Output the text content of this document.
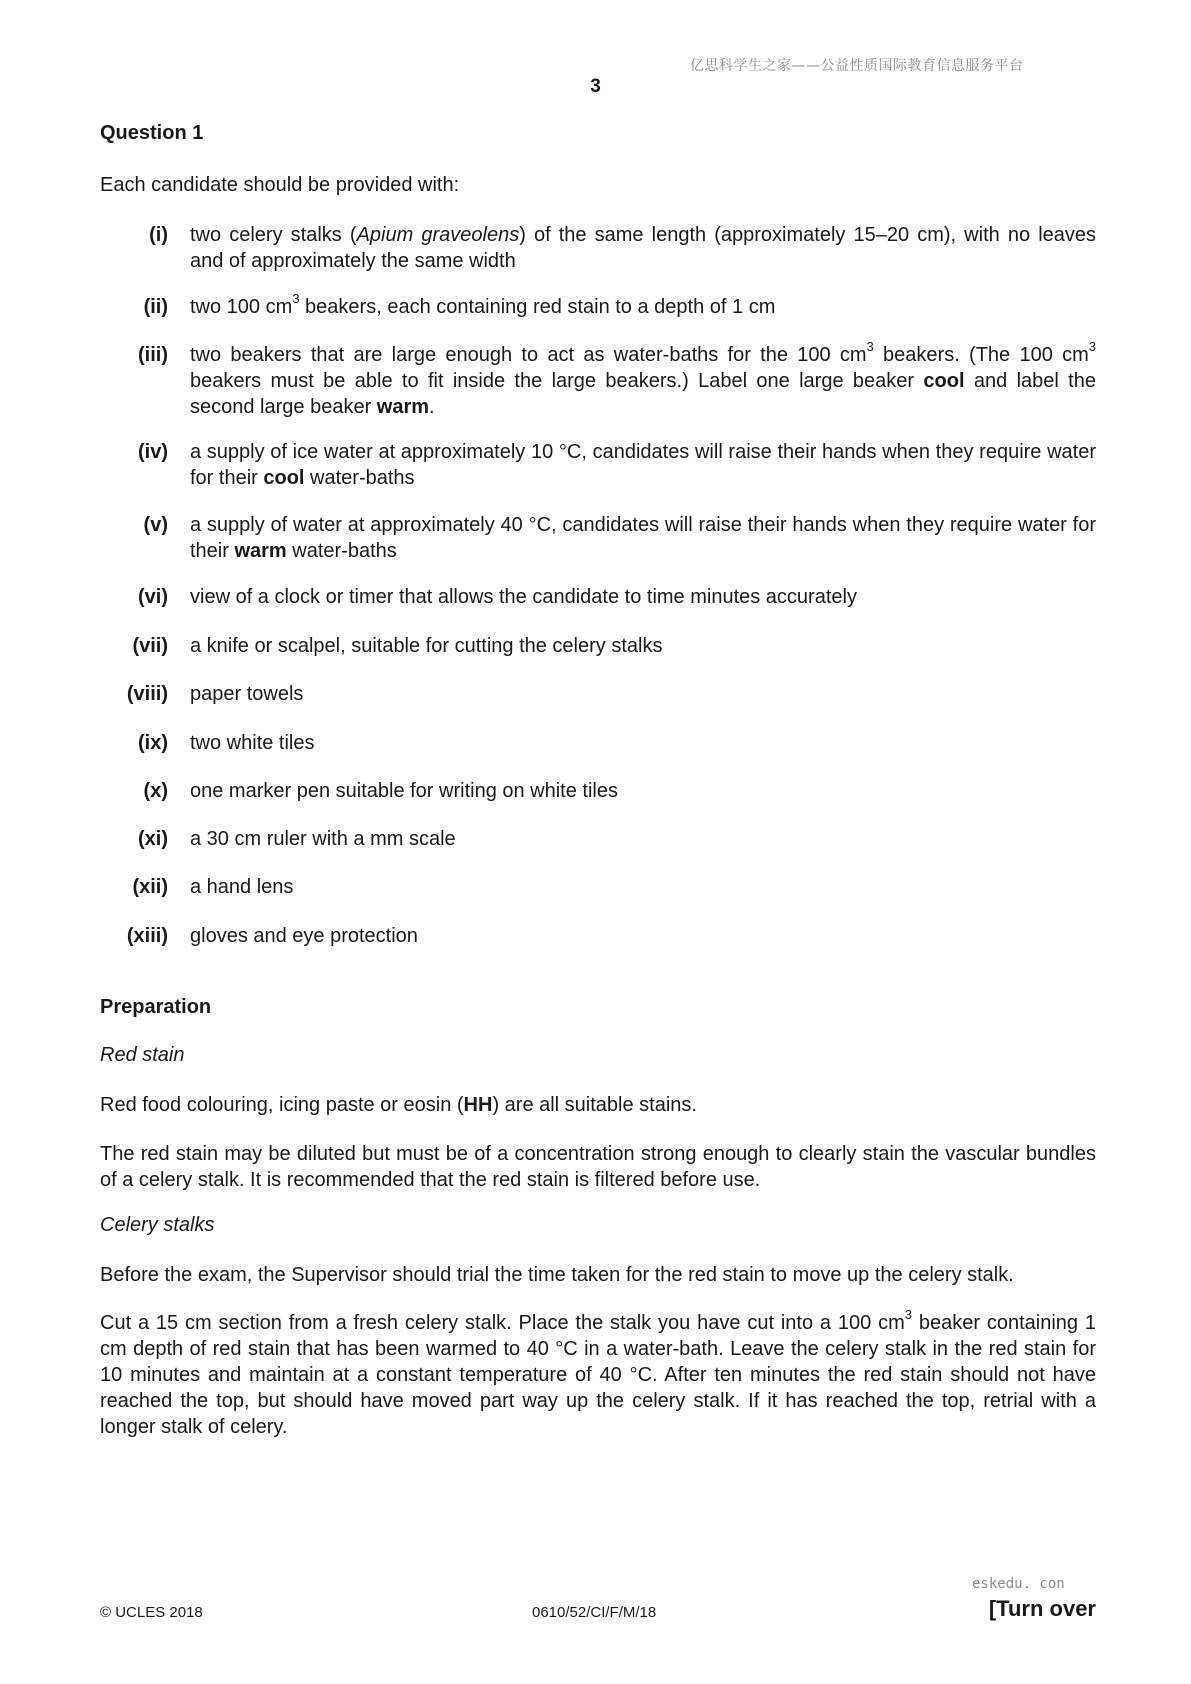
亿思科学生之家——公益性质国际教育信息服务平台
3
Question 1
Each candidate should be provided with:
(i) two celery stalks (Apium graveolens) of the same length (approximately 15–20 cm), with no leaves and of approximately the same width
(ii) two 100 $cm^3$ beakers, each containing red stain to a depth of 1 cm
(iii) two beakers that are large enough to act as water-baths for the 100 $cm^3$ beakers. (The 100 $cm^3$ beakers must be able to fit inside the large beakers.) Label one large beaker cool and label the second large beaker warm.
(iv) a supply of ice water at approximately 10 °C, candidates will raise their hands when they require water for their cool water-baths
(v) a supply of water at approximately 40 °C, candidates will raise their hands when they require water for their warm water-baths
(vi) view of a clock or timer that allows the candidate to time minutes accurately
(vii) a knife or scalpel, suitable for cutting the celery stalks
(viii) paper towels
(ix) two white tiles
(x) one marker pen suitable for writing on white tiles
(xi) a 30 cm ruler with a mm scale
(xii) a hand lens
(xiii) gloves and eye protection
Preparation
Red stain
Red food colouring, icing paste or eosin (HH) are all suitable stains.
The red stain may be diluted but must be of a concentration strong enough to clearly stain the vascular bundles of a celery stalk. It is recommended that the red stain is filtered before use.
Celery stalks
Before the exam, the Supervisor should trial the time taken for the red stain to move up the celery stalk.
Cut a 15 cm section from a fresh celery stalk. Place the stalk you have cut into a 100 $cm^3$ beaker containing 1 cm depth of red stain that has been warmed to 40 °C in a water-bath. Leave the celery stalk in the red stain for 10 minutes and maintain at a constant temperature of 40 °C. After ten minutes the red stain should not have reached the top, but should have moved part way up the celery stalk. If it has reached the top, retrial with a longer stalk of celery.
eskedu. con
© UCLES 2018	0610/52/CI/F/M/18	[Turn over
